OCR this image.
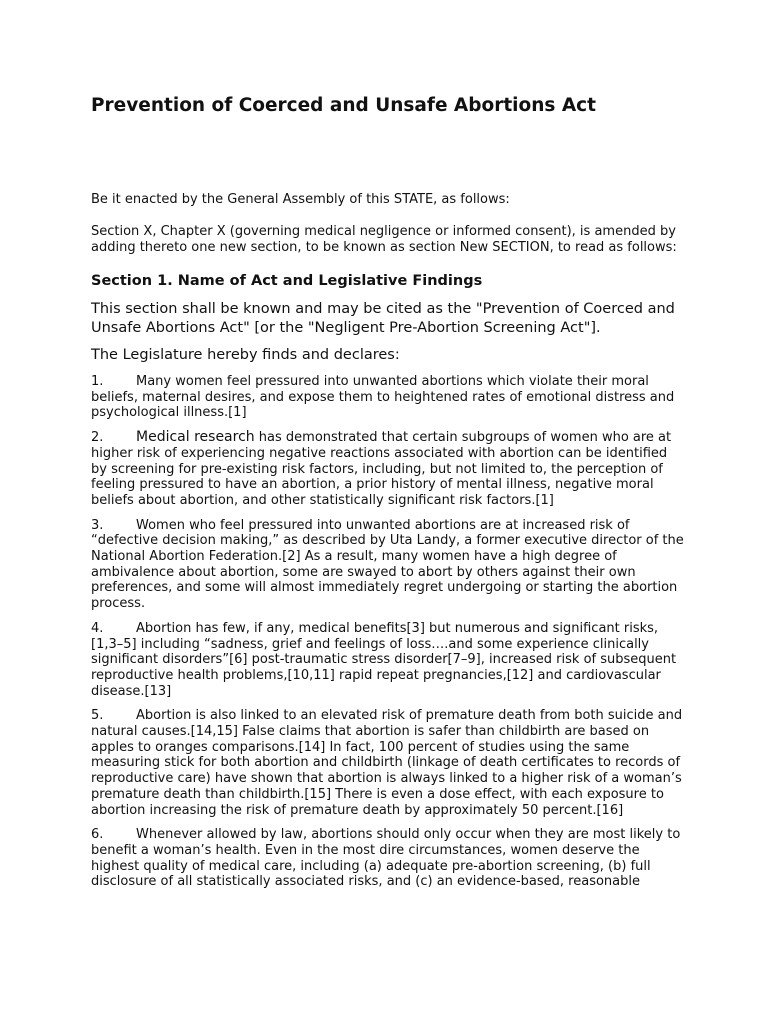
Prevention of Coerced and Unsafe Abortions Act

Be it enacted by the General Assembly of this STATE, as follows:

Section X, Chapter X (governing medical negligence or informed consent), is amended by adding thereto one new section, to be known as section New SECTION, to read as follows:

Section 1. Name of Act and Legislative Findings

This section shall be known and may be cited as the "Prevention of Coerced and Unsafe Abortions Act" [or the "Negligent Pre-Abortion Screening Act"].

The Legislature hereby finds and declares:

1.	Many women feel pressured into unwanted abortions which violate their moral beliefs, maternal desires, and expose them to heightened rates of emotional distress and psychological illness.[1]

2. Medical research has demonstrated that certain subgroups of women who are at higher risk of experiencing negative reactions associated with abortion can be identified by screening for pre-existing risk factors, including, but not limited to, the perception of feeling pressured to have an abortion, a prior history of mental illness, negative moral beliefs about abortion, and other statistically significant risk factors.[1]

3.	Women who feel pressured into unwanted abortions are at increased risk of “defective decision making,” as described by Uta Landy, a former executive director of the National Abortion Federation.[2] As a result, many women have a high degree of ambivalence about abortion, some are swayed to abort by others against their own preferences, and some will almost immediately regret undergoing or starting the abortion process.

4.	Abortion has few, if any, medical benefits[3] but numerous and significant risks,[1,3–5] including “sadness, grief and feelings of loss….and some experience clinically significant disorders”[6] post-traumatic stress disorder[7–9], increased risk of subsequent reproductive health problems,[10,11] rapid repeat pregnancies,[12] and cardiovascular disease.[13]

5.	Abortion is also linked to an elevated risk of premature death from both suicide and natural causes.[14,15] False claims that abortion is safer than childbirth are based on apples to oranges comparisons.[14] In fact, 100 percent of studies using the same measuring stick for both abortion and childbirth (linkage of death certificates to records of reproductive care) have shown that abortion is always linked to a higher risk of a woman’s premature death than childbirth.[15] There is even a dose effect, with each exposure to abortion increasing the risk of premature death by approximately 50 percent.[16]

6.	Whenever allowed by law, abortions should only occur when they are most likely to benefit a woman’s health. Even in the most dire circumstances, women deserve the highest quality of medical care, including (a) adequate pre-abortion screening, (b) full disclosure of all statistically associated risks, and (c) an evidence-based, reasonable
